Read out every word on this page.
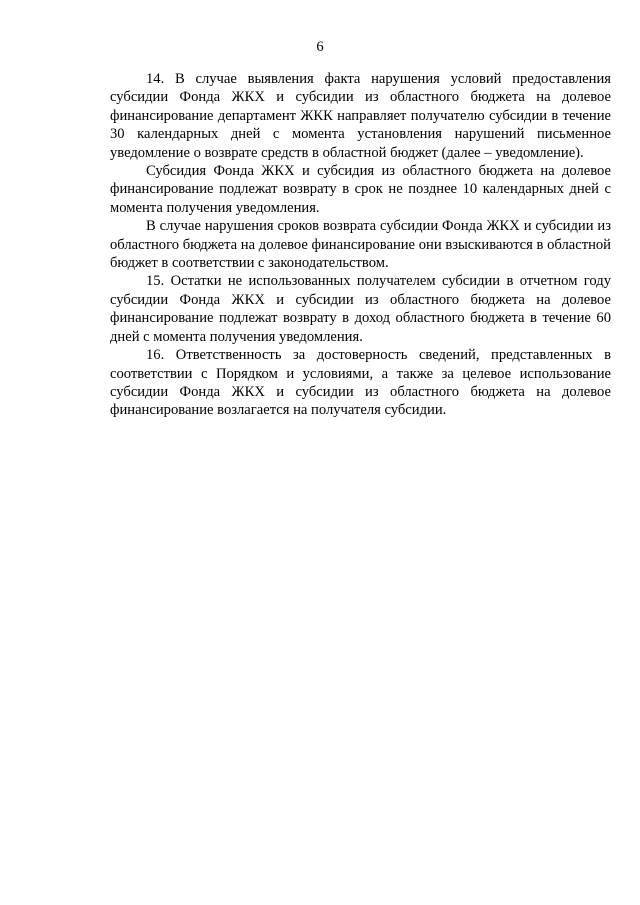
6

14. В случае выявления факта нарушения условий предоставления субсидии Фонда ЖКХ и субсидии из областного бюджета на долевое финансирование департамент ЖКК направляет получателю субсидии в течение 30 календарных дней с момента установления нарушений письменное уведомление о возврате средств в областной бюджет (далее – уведомление).

Субсидия Фонда ЖКХ и субсидия из областного бюджета на долевое финансирование подлежат возврату в срок не позднее 10 календарных дней с момента получения уведомления.

В случае нарушения сроков возврата субсидии Фонда ЖКХ и субсидии из областного бюджета на долевое финансирование они взыскиваются в областной бюджет в соответствии с законодательством.

15. Остатки не использованных получателем субсидии в отчетном году субсидии Фонда ЖКХ и субсидии из областного бюджета на долевое финансирование подлежат возврату в доход областного бюджета в течение 60 дней с момента получения уведомления.

16. Ответственность за достоверность сведений, представленных в соответствии с Порядком и условиями, а также за целевое использование субсидии Фонда ЖКХ и субсидии из областного бюджета на долевое финансирование возлагается на получателя субсидии.
